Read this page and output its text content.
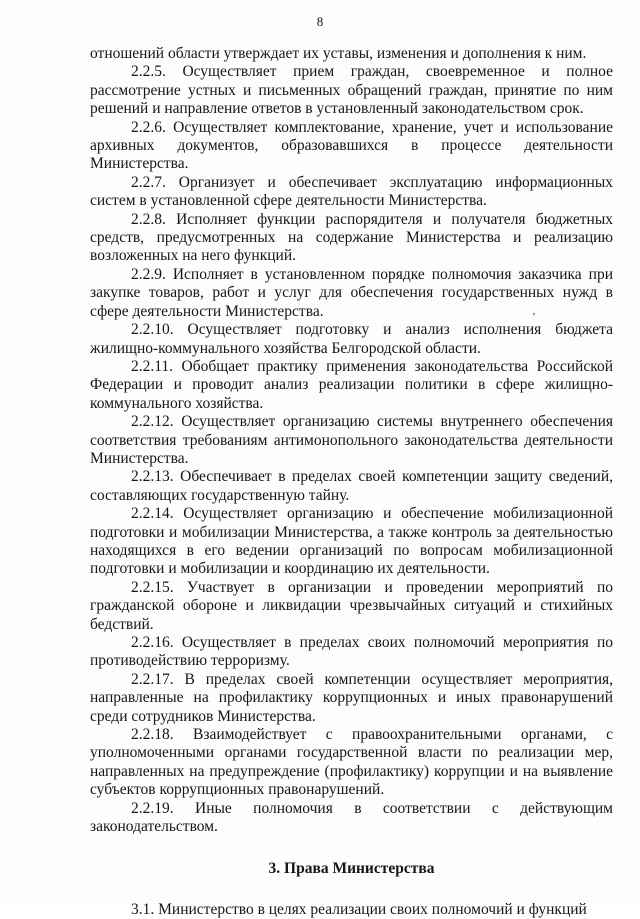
8

отношений области утверждает их уставы, изменения и дополнения к ним.

2.2.5. Осуществляет прием граждан, своевременное и полное рассмотрение устных и письменных обращений граждан, принятие по ним решений и направление ответов в установленный законодательством срок.

2.2.6. Осуществляет комплектование, хранение, учет и использование архивных документов, образовавшихся в процессе деятельности Министерства.

2.2.7. Организует и обеспечивает эксплуатацию информационных систем в установленной сфере деятельности Министерства.

2.2.8. Исполняет функции распорядителя и получателя бюджетных средств, предусмотренных на содержание Министерства и реализацию возложенных на него функций.

2.2.9. Исполняет в установленном порядке полномочия заказчика при закупке товаров, работ и услуг для обеспечения государственных нужд в сфере деятельности Министерства.

2.2.10. Осуществляет подготовку и анализ исполнения бюджета жилищно-коммунального хозяйства Белгородской области.

2.2.11. Обобщает практику применения законодательства Российской Федерации и проводит анализ реализации политики в сфере жилищно-коммунального хозяйства.

2.2.12. Осуществляет организацию системы внутреннего обеспечения соответствия требованиям антимонопольного законодательства деятельности Министерства.

2.2.13. Обеспечивает в пределах своей компетенции защиту сведений, составляющих государственную тайну.

2.2.14. Осуществляет организацию и обеспечение мобилизационной подготовки и мобилизации Министерства, а также контроль за деятельностью находящихся в его ведении организаций по вопросам мобилизационной подготовки и мобилизации и координацию их деятельности.

2.2.15. Участвует в организации и проведении мероприятий по гражданской обороне и ликвидации чрезвычайных ситуаций и стихийных бедствий.

2.2.16. Осуществляет в пределах своих полномочий мероприятия по противодействию терроризму.

2.2.17. В пределах своей компетенции осуществляет мероприятия, направленные на профилактику коррупционных и иных правонарушений среди сотрудников Министерства.

2.2.18. Взаимодействует с правоохранительными органами, с уполномоченными органами государственной власти по реализации мер, направленных на предупреждение (профилактику) коррупции и на выявление субъектов коррупционных правонарушений.

2.2.19. Иные полномочия в соответствии с действующим законодательством.

3. Права Министерства

3.1. Министерство в целях реализации своих полномочий и функций

ʼ
